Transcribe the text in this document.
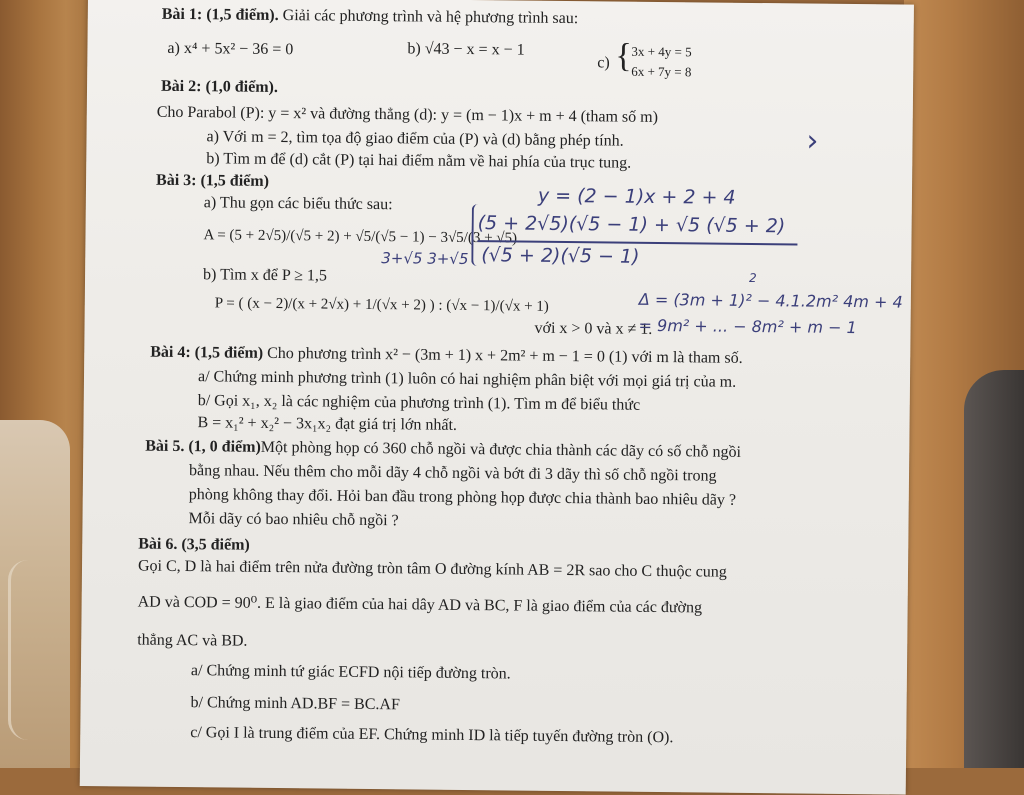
Bài 1: (1,5 điểm). Giải các phương trình và hệ phương trình sau:
a) x⁴ + 5x² − 36 = 0	b) √43 − x = x − 1
c) { 3x + 4y = 5
6x + 7y = 8
Bài 2: (1,0 điểm).
Cho Parabol (P): y = x² và đường thẳng (d): y = (m − 1)x + m + 4 (tham số m)
a) Với m = 2, tìm tọa độ giao điểm của (P) và (d) bằng phép tính.
b) Tìm m để (d) cắt (P) tại hai điểm nằm về hai phía của trục tung.
›
Bài 3: (1,5 điểm)
a) Thu gọn các biểu thức sau:
A = (5 + 2√5)/(√5 + 2) + √5/(√5 − 1) − 3√5/(3 + √5)
b) Tìm x để P ≥ 1,5
P = ( (x − 2)/(x + 2√x) + 1/(√x + 2) ) : (√x − 1)/(√x + 1)
với x > 0 và x ≠ 1.
Bài 4: (1,5 điểm) Cho phương trình x² − (3m + 1) x + 2m² + m − 1 = 0 (1) với m là tham số.
a/ Chứng minh phương trình (1) luôn có hai nghiệm phân biệt với mọi giá trị của m.
b/ Gọi x₁, x₂ là các nghiệm của phương trình (1). Tìm m để biểu thức
B = x₁² + x₂² − 3x₁x₂ đạt giá trị lớn nhất.
Bài 5. (1, 0 điểm)Một phòng họp có 360 chỗ ngồi và được chia thành các dãy có số chỗ ngồi
bằng nhau. Nếu thêm cho mỗi dãy 4 chỗ ngồi và bớt đi 3 dãy thì số chỗ ngồi trong
phòng không thay đổi. Hỏi ban đầu trong phòng họp được chia thành bao nhiêu dãy ?
Mỗi dãy có bao nhiêu chỗ ngồi ?
Bài 6. (3,5 điểm)
Gọi C, D là hai điểm trên nửa đường tròn tâm O đường kính AB = 2R sao cho C thuộc cung
AD và COD = 90⁰. E là giao điểm của hai dây AD và BC, F là giao điểm của các đường
thẳng AC và BD.
a/ Chứng minh tứ giác ECFD nội tiếp đường tròn.
b/ Chứng minh AD.BF = BC.AF
c/ Gọi I là trung điểm của EF. Chứng minh ID là tiếp tuyến đường tròn (O).
y = (2 − 1)x + 2 + 4
(5 + 2√5)(√5 − 1) + √5 (√5 + 2)
(√5 + 2)(√5 − 1)
3+√5 3+√5
2
Δ = (3m + 1)² − 4.1.2m² 4m + 4
= 9m² + ... − 8m² + m − 1
